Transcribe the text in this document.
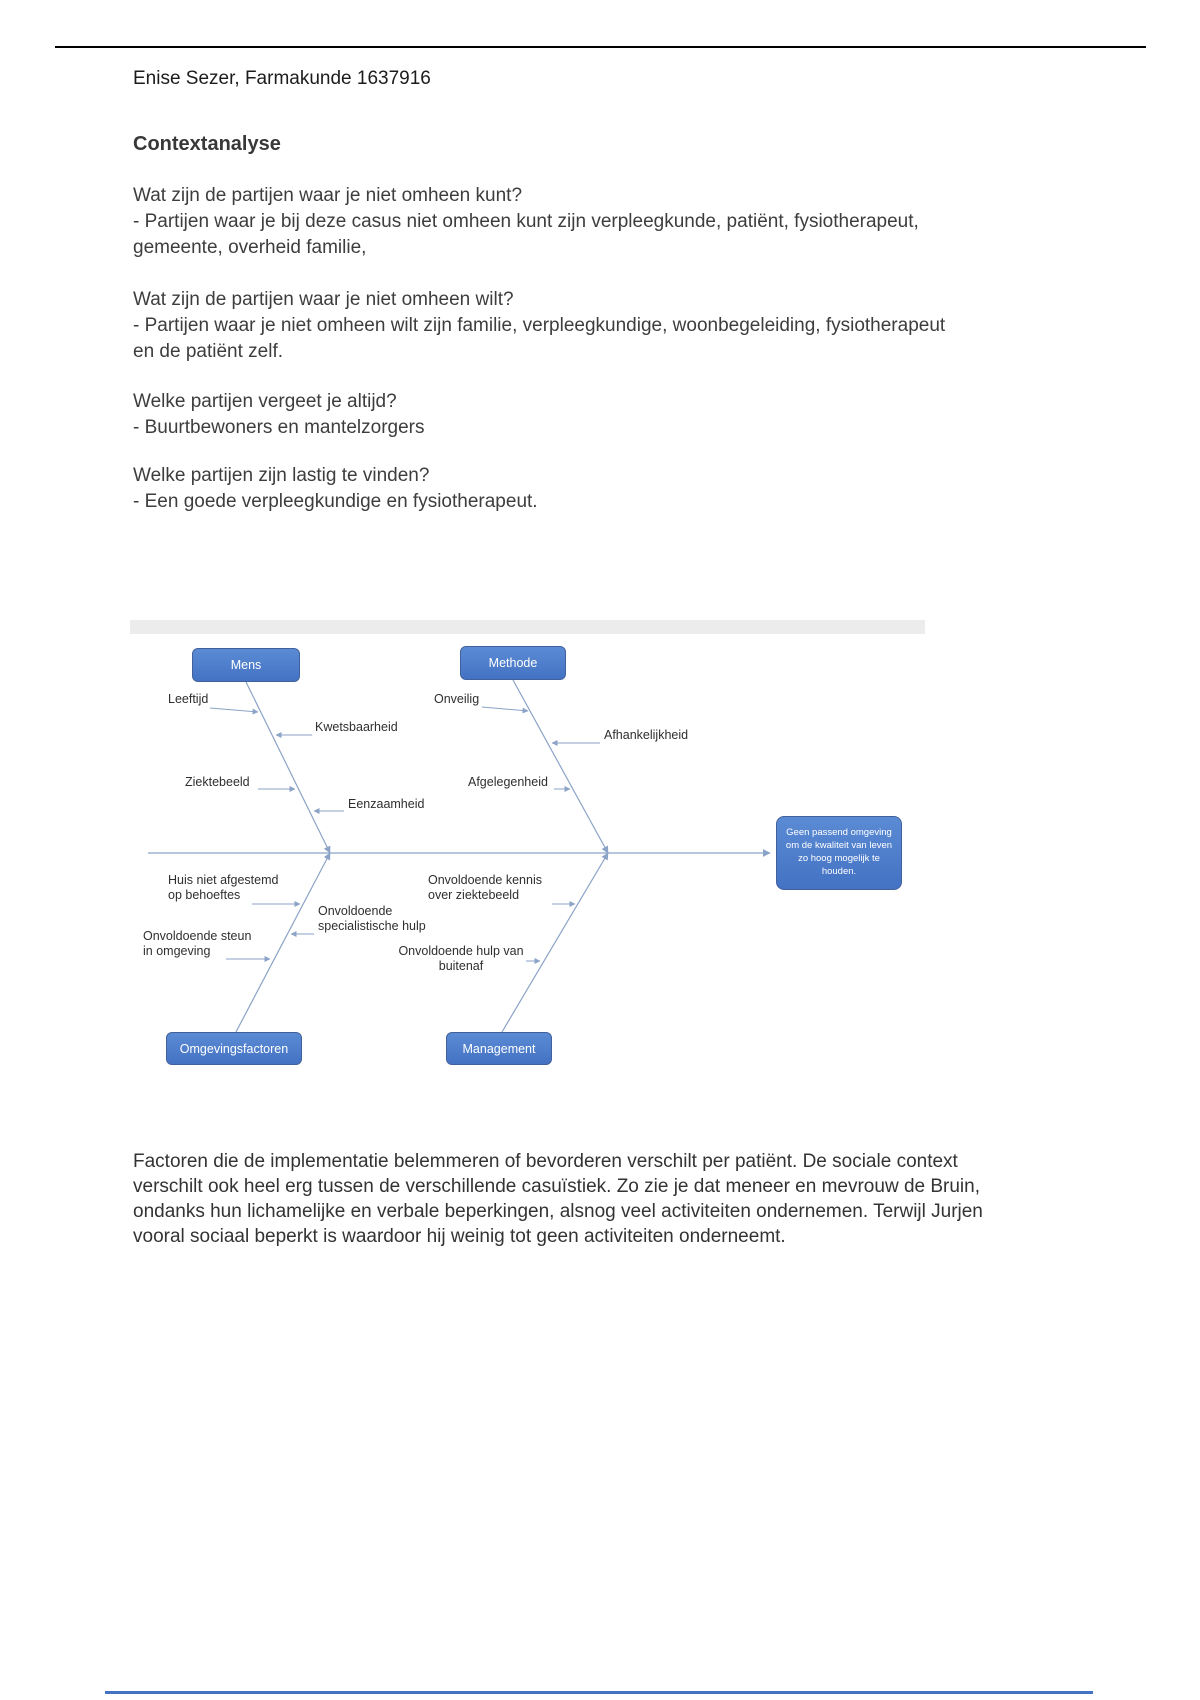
Enise Sezer, Farmakunde 1637916
Contextanalyse
Wat zijn de partijen waar je niet omheen kunt?
- Partijen waar je bij deze casus niet omheen kunt zijn verpleegkunde, patiënt, fysiotherapeut, gemeente, overheid familie,
Wat zijn de partijen waar je niet omheen wilt?
- Partijen waar je niet omheen wilt zijn familie, verpleegkundige, woonbegeleiding, fysiotherapeut en de patiënt zelf.
Welke partijen vergeet je altijd?
- Buurtbewoners en mantelzorgers
Welke partijen zijn lastig te vinden?
- Een goede verpleegkundige en fysiotherapeut.
Mens	Methode
Omgevingsfactoren	Management
Geen passend omgeving om de kwaliteit van leven zo hoog mogelijk te houden.
Leeftijd
Kwetsbaarheid
Ziektebeeld
Eenzaamheid
Onveilig
Afhankelijkheid
Afgelegenheid
Huis niet afgestemd op behoeftes
Onvoldoende steun in omgeving
Onvoldoende specialistische hulp
Onvoldoende kennis over ziektebeeld
Onvoldoende hulp van buitenaf

Factoren die de implementatie belemmeren of bevorderen verschilt per patiënt. De sociale context verschilt ook heel erg tussen de verschillende casuïstiek. Zo zie je dat meneer en mevrouw de Bruin, ondanks hun lichamelijke en verbale beperkingen, alsnog veel activiteiten ondernemen. Terwijl Jurjen vooral sociaal beperkt is waardoor hij weinig tot geen activiteiten onderneemt.
